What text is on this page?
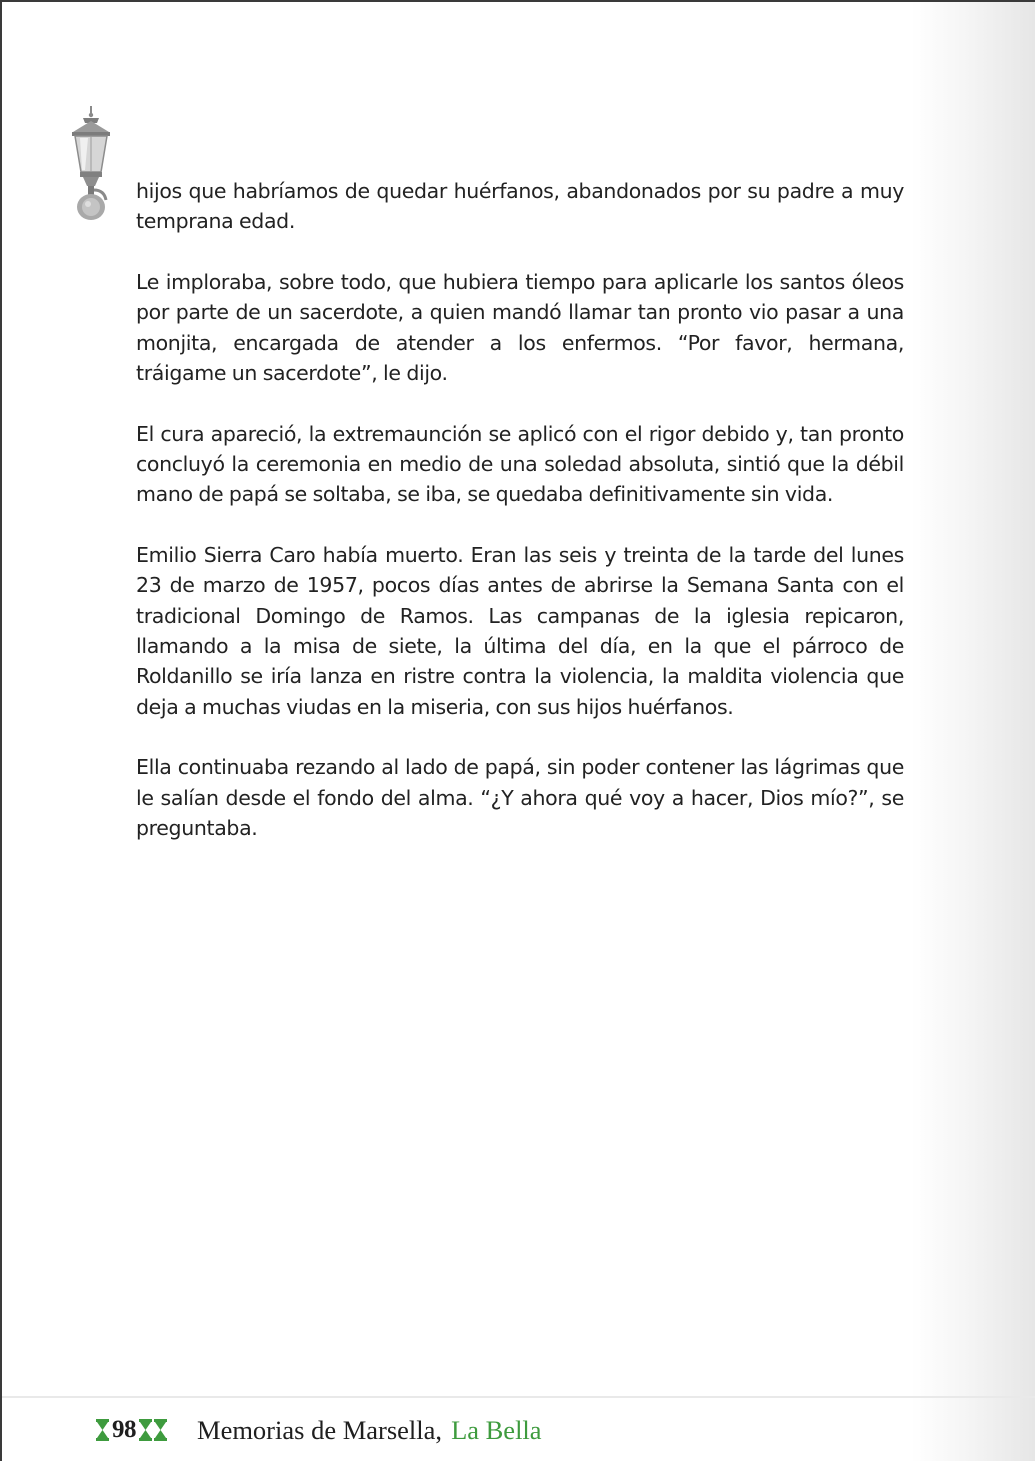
hijos que habríamos de quedar huérfanos, abandonados por su padre a muy temprana edad.

Le imploraba, sobre todo, que hubiera tiempo para aplicarle los santos óleos por parte de un sacerdote, a quien mandó llamar tan pronto vio pasar a una monjita, encargada de atender a los enfermos. “Por favor, hermana, tráigame un sacerdote”, le dijo.

El cura apareció, la extremaunción se aplicó con el rigor debido y, tan pronto concluyó la ceremonia en medio de una soledad absoluta, sintió que la débil mano de papá se soltaba, se iba, se quedaba definitivamente sin vida.

Emilio Sierra Caro había muerto. Eran las seis y treinta de la tarde del lunes 23 de marzo de 1957, pocos días antes de abrirse la Semana Santa con el tradicional Domingo de Ramos. Las campanas de la iglesia repicaron, llamando a la misa de siete, la última del día, en la que el párroco de Roldanillo se iría lanza en ristre contra la violencia, la maldita violencia que deja a muchas viudas en la miseria, con sus hijos huérfanos.

Ella continuaba rezando al lado de papá, sin poder contener las lágrimas que le salían desde el fondo del alma. “¿Y ahora qué voy a hacer, Dios mío?”, se preguntaba.

98 Memorias de Marsella, La Bella
